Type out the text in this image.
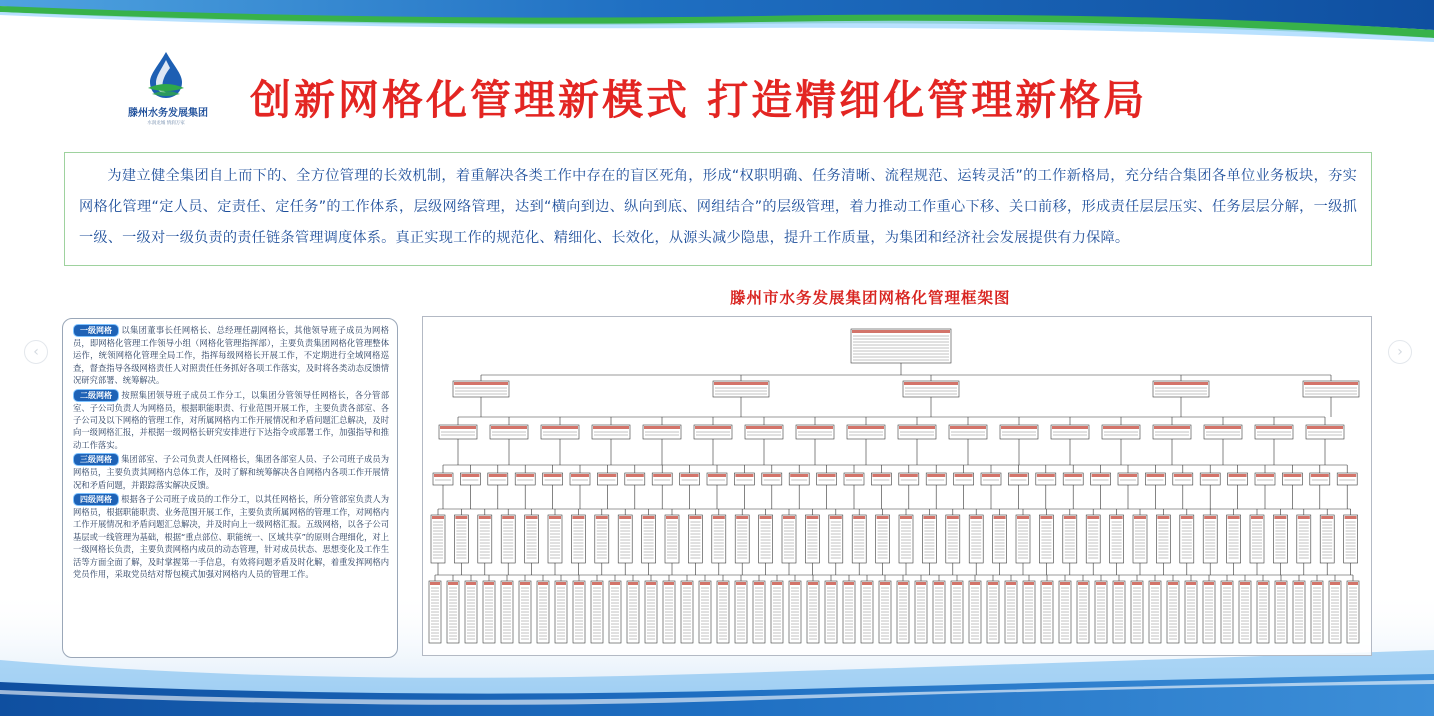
滕州水务发展集团
水润龙城 情润万家	创新网格化管理新模式 打造精细化管理新格局

为建立健全集团自上而下的、全方位管理的长效机制，着重解决各类工作中存在的盲区死角，形成“权职明确、任务清晰、流程规范、运转灵活”的工作新格局，充分结合集团各单位业务板块，夯实网格化管理“定人员、定责任、定任务”的工作体系，层级网络管理，达到“横向到边、纵向到底、网组结合”的层级管理，着力推动工作重心下移、关口前移，形成责任层层压实、任务层层分解，一级抓一级、一级对一级负责的责任链条管理调度体系。真正实现工作的规范化、精细化、长效化，从源头减少隐患，提升工作质量，为集团和经济社会发展提供有力保障。

滕州市水务发展集团网格化管理框架图
‹	›

一级网格 以集团董事长任网格长、总经理任副网格长，其他领导班子成员为网格员，即网格化管理工作领导小组（网格化管理指挥部），主要负责集团网格化管理整体运作，统领网格化管理全局工作，指挥每级网格长开展工作，不定期进行全域网格巡查，督查指导各级网格责任人对照责任任务抓好各项工作落实，及时将各类动态反馈情况研究部署、统筹解决。

二级网格 按照集团领导班子成员工作分工，以集团分管领导任网格长，各分管部室、子公司负责人为网格员，根据职能职责、行业范围开展工作，主要负责各部室、各子公司及以下网格的管理工作，对所属网格内工作开展情况和矛盾问题汇总解决，及时向一级网格汇报，并根据一级网格长研究安排进行下达指令或部署工作，加强指导和推动工作落实。

三级网格 集团部室、子公司负责人任网格长，集团各部室人员、子公司班子成员为网格员，主要负责其网格内总体工作，及时了解和统筹解决各自网格内各项工作开展情况和矛盾问题，并跟踪落实解决反馈。

四级网格 根据各子公司班子成员的工作分工，以其任网格长，所分管部室负责人为网格员，根据职能职责、业务范围开展工作，主要负责所属网格的管理工作，对网格内工作开展情况和矛盾问题汇总解决，并及时向上一级网格汇报。五级网格，以各子公司基层或一线管理为基础，根据“重点部位、职能统一、区域共享”的原则合理细化，对上一级网格长负责，主要负责网格内成员的动态管理，针对成员状态、思想变化及工作生活等方面全面了解，及时掌握第一手信息，有效将问题矛盾及时化解，着重发挥网格内党员作用，采取党员结对帮包模式加强对网格内人员的管理工作。
